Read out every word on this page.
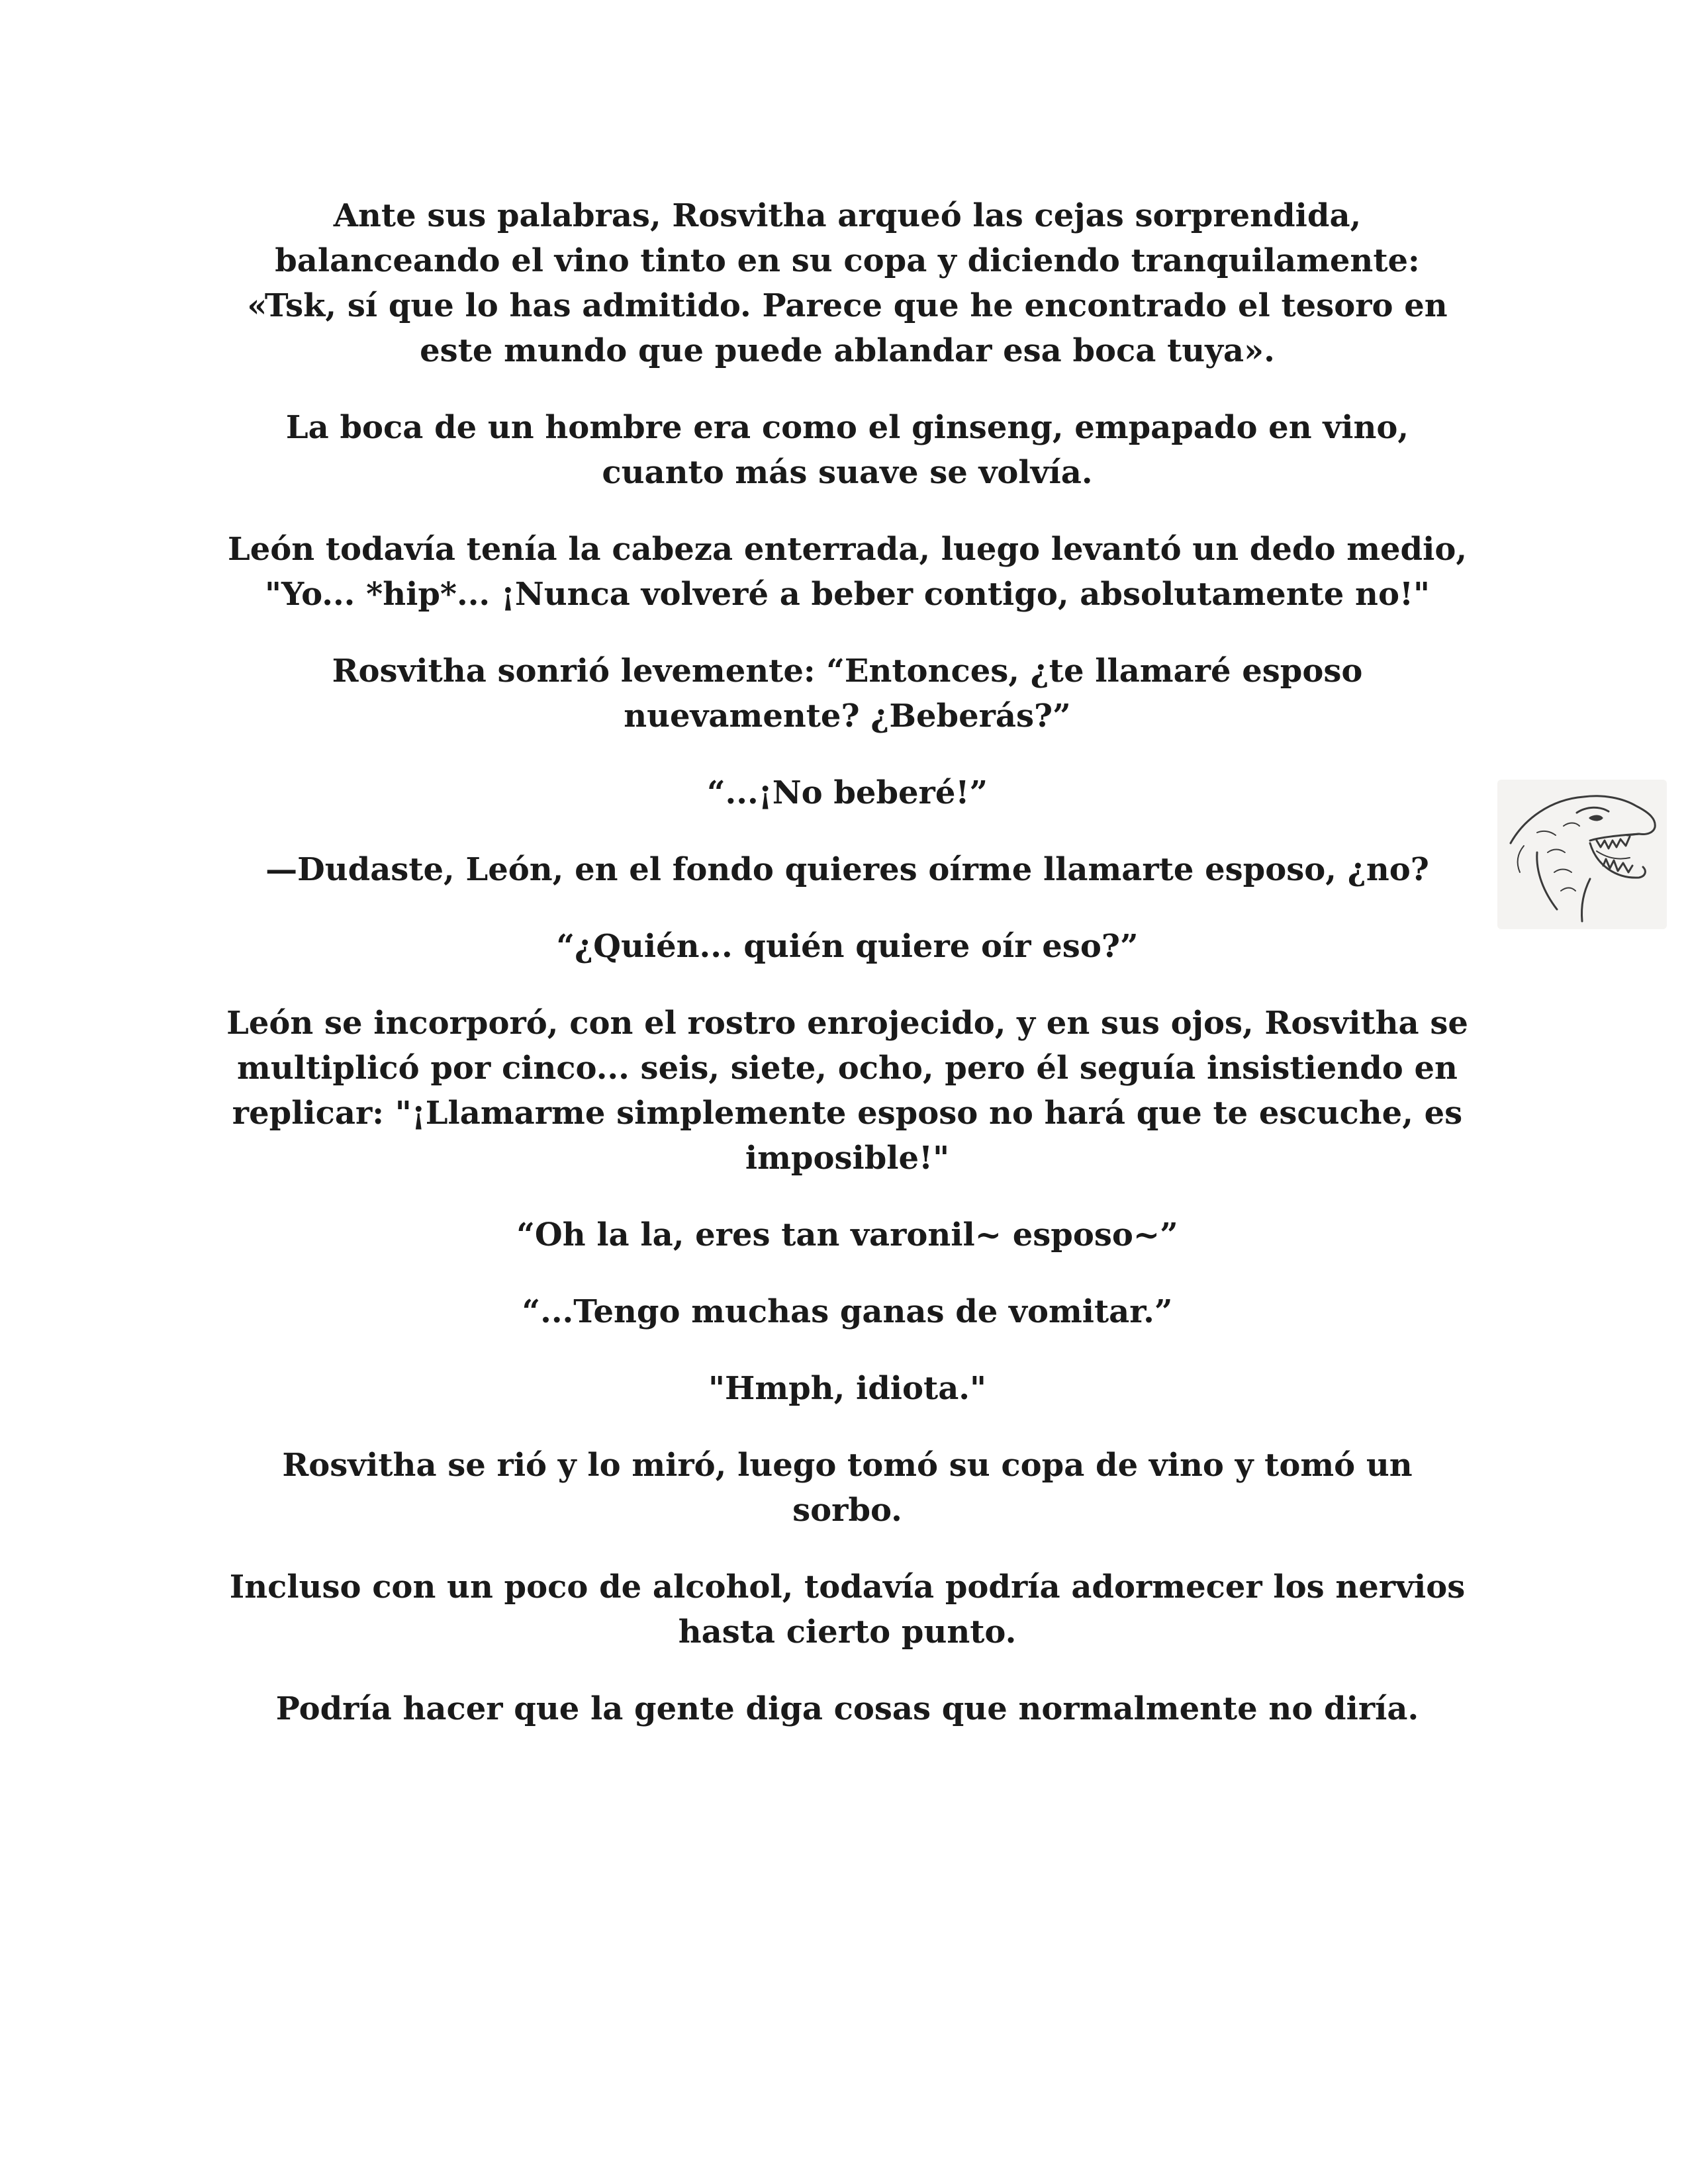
Ante sus palabras, Rosvitha arqueó las cejas sorprendida, balanceando el vino tinto en su copa y diciendo tranquilamente: «Tsk, sí que lo has admitido. Parece que he encontrado el tesoro en este mundo que puede ablandar esa boca tuya».

La boca de un hombre era como el ginseng, empapado en vino, cuanto más suave se volvía.

León todavía tenía la cabeza enterrada, luego levantó un dedo medio, "Yo... *hip*... ¡Nunca volveré a beber contigo, absolutamente no!"

Rosvitha sonrió levemente: “Entonces, ¿te llamaré esposo nuevamente? ¿Beberás?”

“...¡No beberé!”

—Dudaste, León, en el fondo quieres oírme llamarte esposo, ¿no?

“¿Quién... quién quiere oír eso?”

León se incorporó, con el rostro enrojecido, y en sus ojos, Rosvitha se multiplicó por cinco... seis, siete, ocho, pero él seguía insistiendo en replicar: "¡Llamarme simplemente esposo no hará que te escuche, es imposible!"

“Oh la la, eres tan varonil~ esposo~”

“...Tengo muchas ganas de vomitar.”

"Hmph, idiota."

Rosvitha se rió y lo miró, luego tomó su copa de vino y tomó un sorbo.

Incluso con un poco de alcohol, todavía podría adormecer los nervios hasta cierto punto.

Podría hacer que la gente diga cosas que normalmente no diría.
